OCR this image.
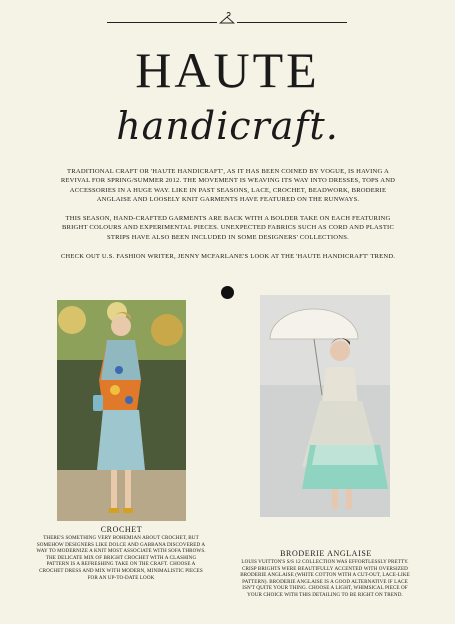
HAUTE
handicraft.
TRADITIONAL CRAFT OR 'HAUTE HANDICRAFT', AS IT HAS BEEN COINED BY VOGUE, IS HAVING A REVIVAL FOR SPRING/SUMMER 2012. THE MOVEMENT IS WEAVING ITS WAY INTO DRESSES, TOPS AND ACCESSORIES IN A HUGE WAY. LIKE IN PAST SEASONS, LACE, CROCHET, BEADWORK, BRODERIE ANGLAISE AND LOOSELY KNIT GARMENTS HAVE FEATURED ON THE RUNWAYS.
THIS SEASON, HAND-CRAFTED GARMENTS ARE BACK WITH A BOLDER TAKE ON EACH FEATURING BRIGHT COLOURS AND EXPERIMENTAL PIECES. UNEXPECTED FABRICS SUCH AS CORD AND PLASTIC STRIPS HAVE ALSO BEEN INCLUDED IN SOME DESIGNERS' COLLECTIONS.
CHECK OUT U.S. FASHION WRITER, JENNY MCFARLANE'S LOOK AT THE 'HAUTE HANDICRAFT' TREND.
CROCHET
THERE'S SOMETHING VERY BOHEMIAN ABOUT CROCHET, BUT SOMEHOW DESIGNERS LIKE DOLCE AND GABBANA DISCOVERED A WAY TO MODERNIZE A KNIT MOST ASSOCIATE WITH SOFA THROWS. THE DELICATE MIX OF BRIGHT CROCHET WITH A CLASHING PATTERN IS A REFRESHING TAKE ON THE CRAFT. CHOOSE A CROCHET DRESS AND MIX WITH MODERN, MINIMALISTIC PIECES FOR AN UP-TO-DATE LOOK
BRODERIE ANGLAISE
LOUIS VUITTON'S S/S 12 COLLECTION WAS EFFORTLESSLY PRETTY. CRISP BRIGHTS WERE BEAUTIFULLY ACCENTED WITH OVERSIZED BRODERIE ANGLAISE (WHITE COTTON WITH A CUT-OUT, LACE-LIKE PATTERN). BRODERIE ANGLAISE IS A GOOD ALTERNATIVE IF LACE ISN'T QUITE YOUR THING. CHOOSE A LIGHT, WHIMSICAL PIECE OF YOUR CHOICE WITH THIS DETAILING TO BE RIGHT ON TREND.
